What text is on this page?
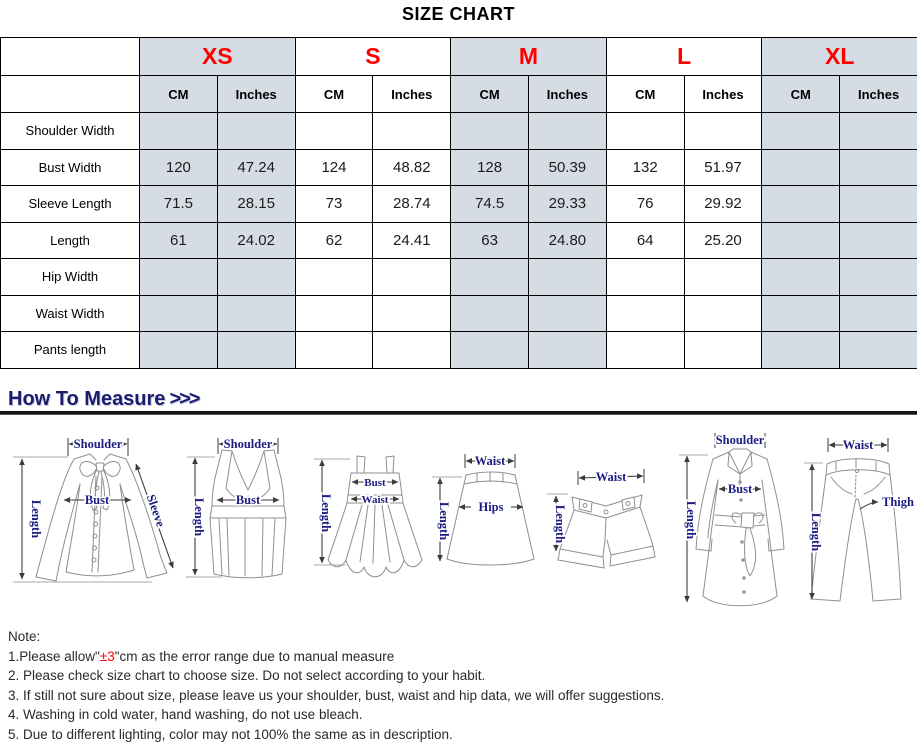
SIZE CHART
	XS		S		M		L		XL	
	CM	Inches	CM	Inches	CM	Inches	CM	Inches	CM	Inches
Shoulder Width										
Bust Width	120	47.24	124	48.82	128	50.39	132	51.97		
Sleeve Length	71.5	28.15	73	28.74	74.5	29.33	76	29.92		
Length	61	24.02	62	24.41	63	24.80	64	25.20		
Hip Width										
Waist Width										
Pants length										
How To Measure >>>
Shoulder
Length	Bust	Sleeve
Shoulder
Length Bust	Length
Bust
Waist
Waist
Length Hips
Waist
Length
Shoulder
Length
Bust
Waist
Length
Thigh
Note:
1.Please allow"±3"cm as the error range due to manual measure
2. Please check size chart to choose size. Do not select according to your habit.
3. If still not sure about size, please leave us your shoulder, bust, waist and hip data, we will offer suggestions.
4. Washing in cold water, hand washing, do not use bleach.
5. Due to different lighting, color may not 100% the same as in description.
